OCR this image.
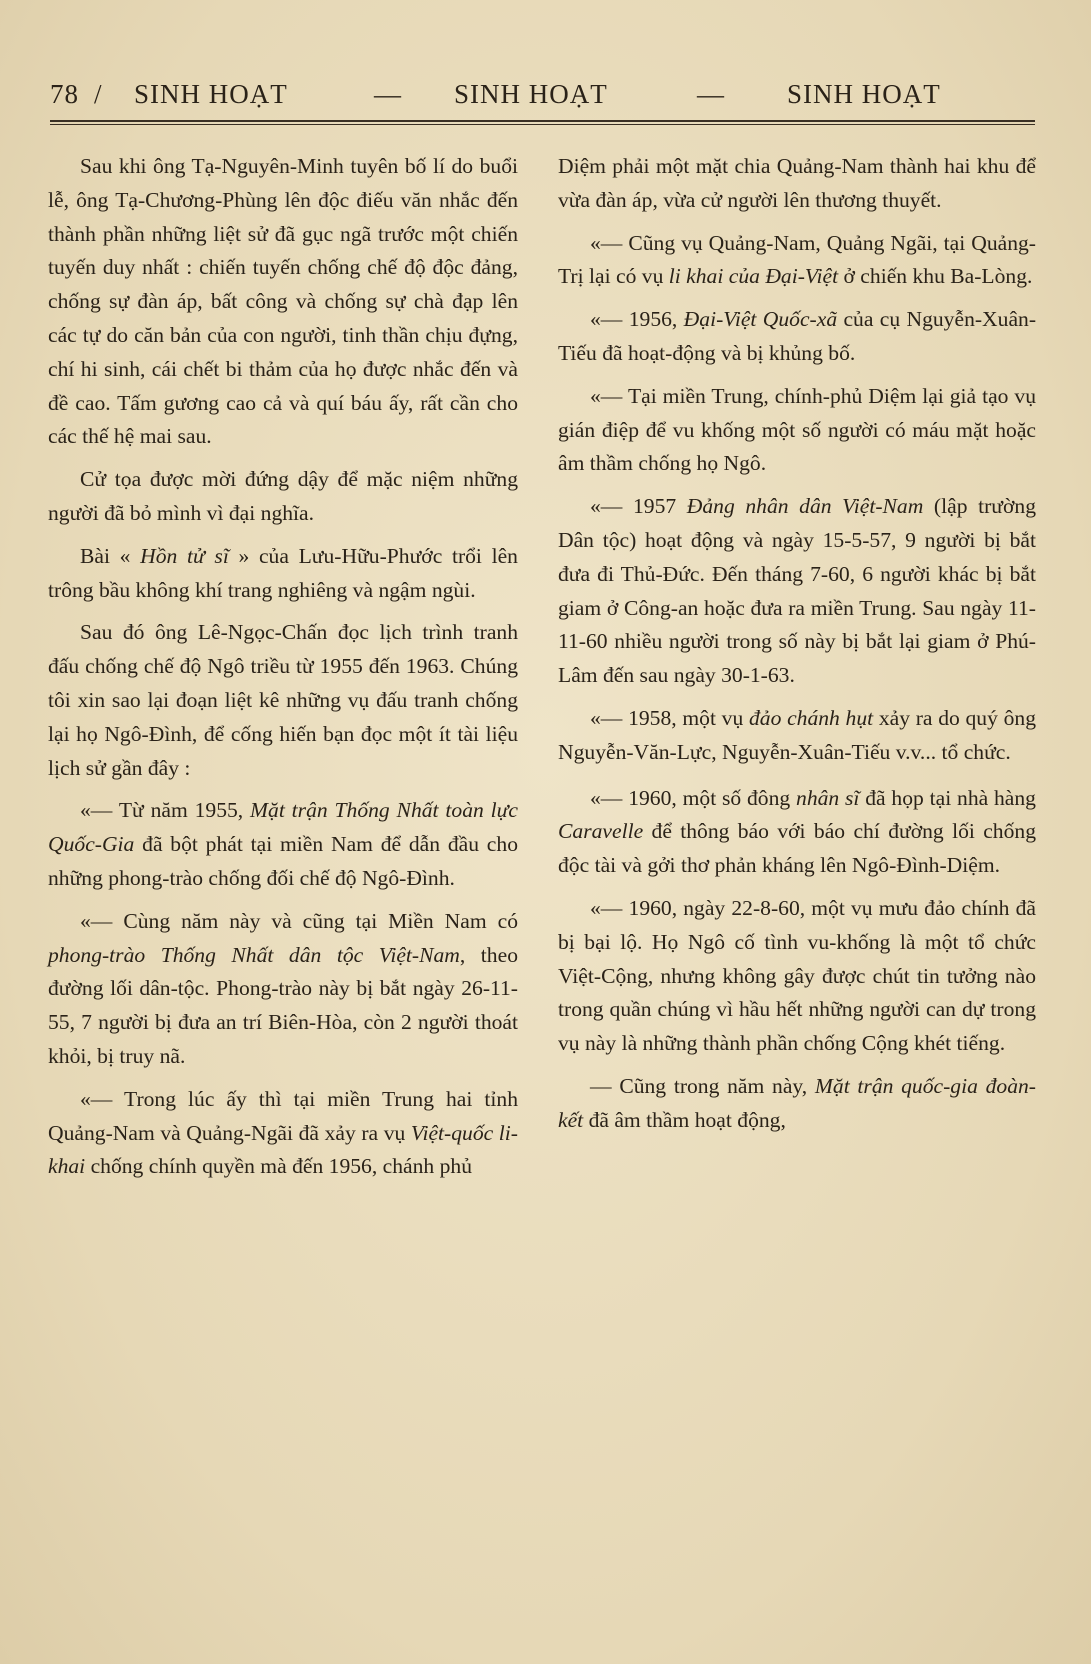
78 /	SINH HOẠT	—	SINH HOẠT	—	SINH HOẠT

Sau khi ông Tạ-Nguyên-Minh tuyên bố lí do buổi lễ, ông Tạ-Chương-Phùng lên độc điếu văn nhắc đến thành phần những liệt sử đã gục ngã trước một chiến tuyến duy nhất : chiến tuyến chống chế độ độc đảng, chống sự đàn áp, bất công và chống sự chà đạp lên các tự do căn bản của con người, tinh thần chịu đựng, chí hi sinh, cái chết bi thảm của họ được nhắc đến và đề cao. Tấm gương cao cả và quí báu ấy, rất cần cho các thế hệ mai sau.

Cử tọa được mời đứng dậy để mặc niệm những người đã bỏ mình vì đại nghĩa.

Bài « Hồn tử sĩ » của Lưu-Hữu-Phước trổi lên trông bầu không khí trang nghiêng và ngậm ngùi.

Sau đó ông Lê-Ngọc-Chấn đọc lịch trình tranh đấu chống chế độ Ngô triều từ 1955 đến 1963. Chúng tôi xin sao lại đoạn liệt kê những vụ đấu tranh chống lại họ Ngô-Đình, để cống hiến bạn đọc một ít tài liệu lịch sử gần đây :

«— Từ năm 1955, Mặt trận Thống Nhất toàn lực Quốc-Gia đã bột phát tại miền Nam để dẫn đầu cho những phong-trào chống đối chế độ Ngô-Đình.

«— Cùng năm này và cũng tại Miền Nam có phong-trào Thống Nhất dân tộc Việt-Nam, theo đường lối dân-tộc. Phong-trào này bị bắt ngày 26-11-55, 7 người bị đưa an trí Biên-Hòa, còn 2 người thoát khỏi, bị truy nã.

«— Trong lúc ấy thì tại miền Trung hai tỉnh Quảng-Nam và Quảng-Ngãi đã xảy ra vụ Việt-quốc li-khai chống chính quyền mà đến 1956, chánh phủ

Diệm phải một mặt chia Quảng-Nam thành hai khu để vừa đàn áp, vừa cử người lên thương thuyết.

«— Cũng vụ Quảng-Nam, Quảng Ngãi, tại Quảng-Trị lại có vụ li khai của Đại-Việt ở chiến khu Ba-Lòng.

«— 1956, Đại-Việt Quốc-xã của cụ Nguyễn-Xuân-Tiếu đã hoạt-động và bị khủng bố.

«— Tại miền Trung, chính-phủ Diệm lại giả tạo vụ gián điệp để vu khống một số người có máu mặt hoặc âm thầm chống họ Ngô.

«— 1957 Đảng nhân dân Việt-Nam (lập trường Dân tộc) hoạt động và ngày 15-5-57, 9 người bị bắt đưa đi Thủ-Đức. Đến tháng 7-60, 6 người khác bị bắt giam ở Công-an hoặc đưa ra miền Trung. Sau ngày 11-11-60 nhiều người trong số này bị bắt lại giam ở Phú-Lâm đến sau ngày 30-1-63.

«— 1958, một vụ đảo chánh hụt xảy ra do quý ông Nguyễn-Văn-Lực, Nguyễn-Xuân-Tiếu v.v... tổ chức.

«— 1960, một số đông nhân sĩ đã họp tại nhà hàng Caravelle để thông báo với báo chí đường lối chống độc tài và gởi thơ phản kháng lên Ngô-Đình-Diệm.

«— 1960, ngày 22-8-60, một vụ mưu đảo chính đã bị bại lộ. Họ Ngô cố tình vu-khống là một tổ chức Việt-Cộng, nhưng không gây được chút tin tưởng nào trong quần chúng vì hầu hết những người can dự trong vụ này là những thành phần chống Cộng khét tiếng.

— Cũng trong năm này, Mặt trận quốc-gia đoàn-kết đã âm thầm hoạt động,
